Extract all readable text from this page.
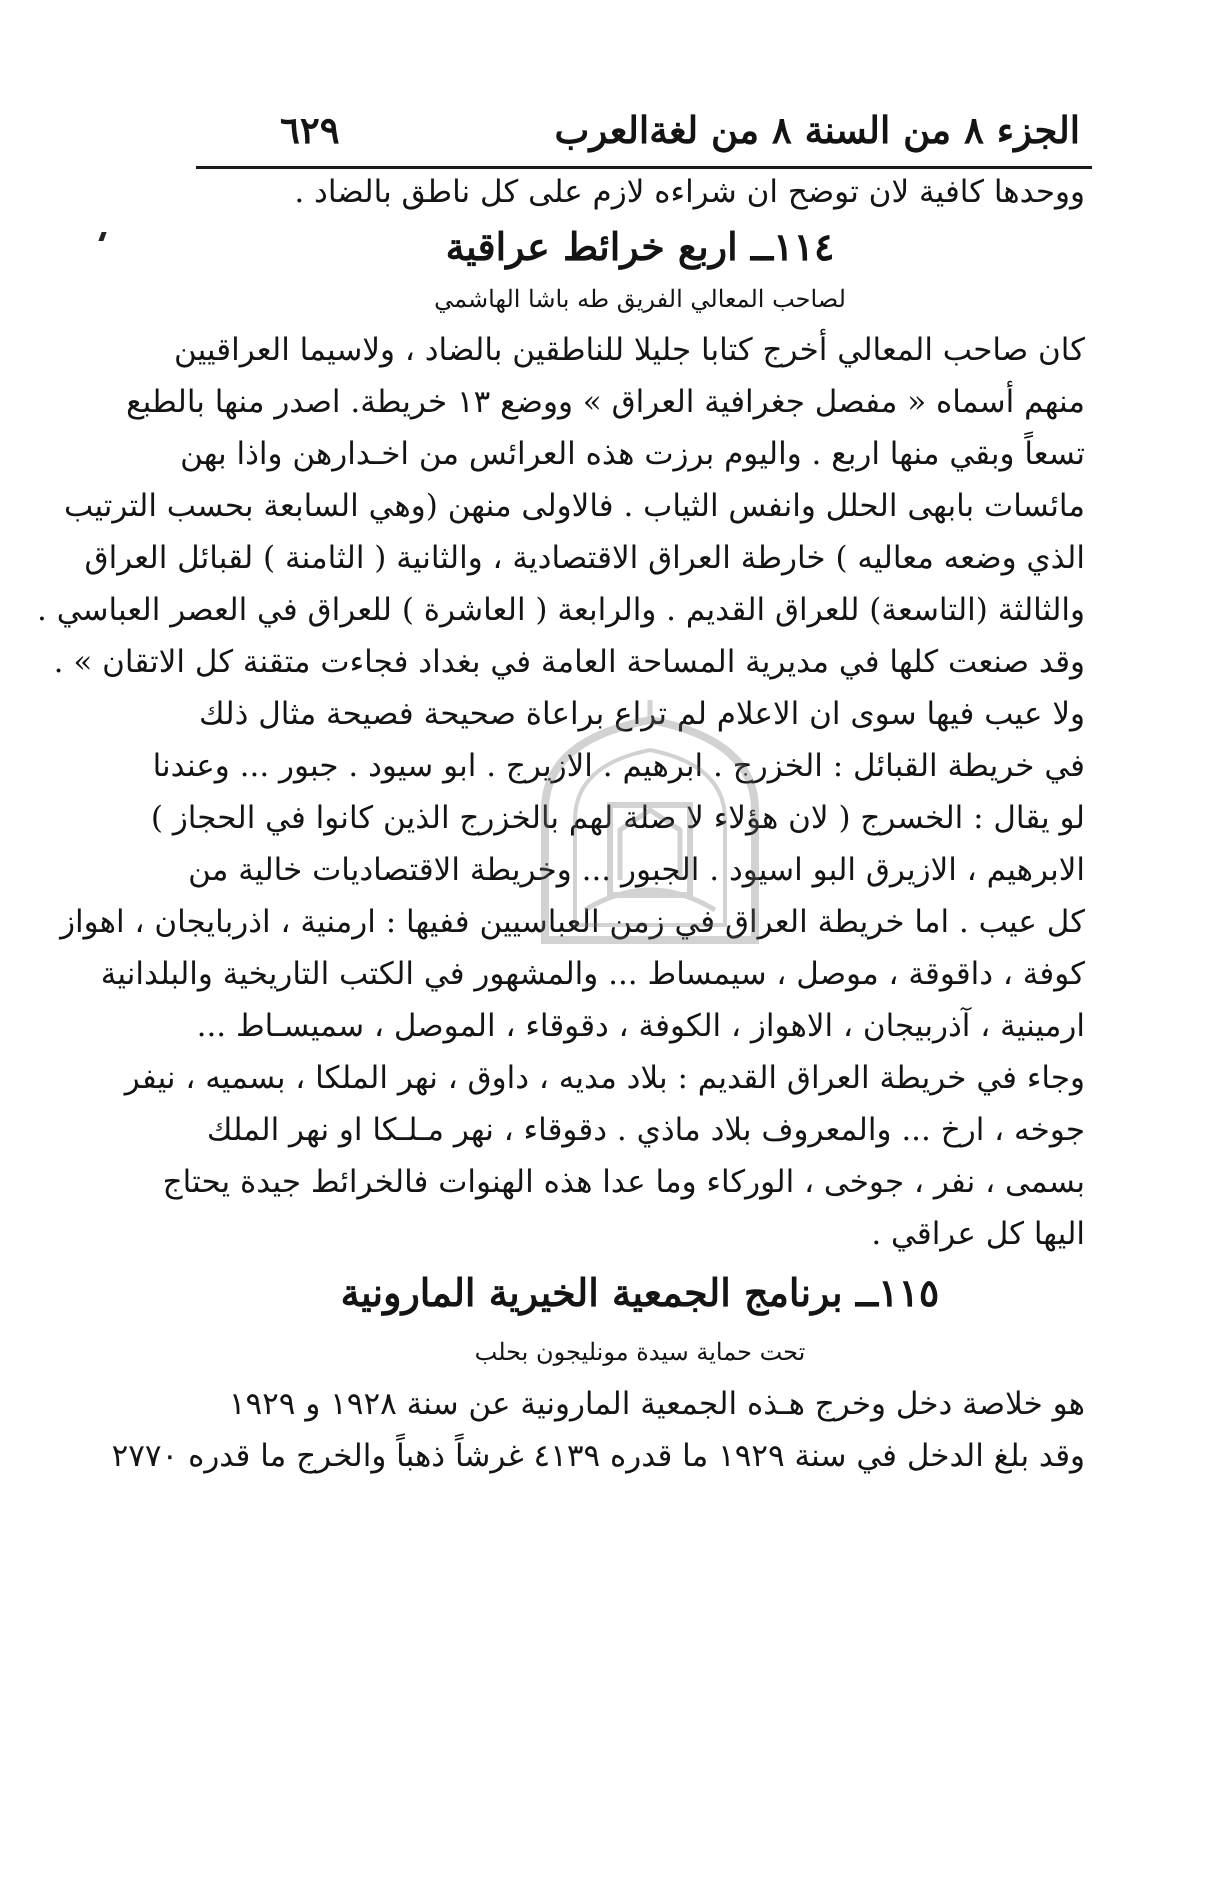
الجزء ٨ من السنة ٨ من لغةالعرب
٦٢٩
ووحدها كافية لان توضح ان شراءه لازم على كل ناطق بالضاد .
١١٤ــ اربع خرائط عراقية
لصاحب المعالي الفريق طه باشا الهاشمي
كان صاحب المعالي أخرج كتابا جليلا للناطقين بالضاد ، ولاسيما العراقيين
منهم أسماه « مفصل جغرافية العراق » ووضع ١٣ خريطة. اصدر منها بالطبع
تسعاً وبقي منها اربع . واليوم برزت هذه العرائس من اخـدارهن واذا بهن
مائسات بابهى الحلل وانفس الثياب . فالاولى منهن (وهي السابعة بحسب الترتيب
الذي وضعه معاليه ) خارطة العراق الاقتصادية ، والثانية ( الثامنة ) لقبائل العراق
والثالثة (التاسعة) للعراق القديم . والرابعة ( العاشرة ) للعراق في العصر العباسي .
وقد صنعت كلها في مديرية المساحة العامة في بغداد فجاءت متقنة كل الاتقان » .
ولا عيب فيها سوى ان الاعلام لم تراع براعاة صحيحة فصيحة مثال ذلك
في خريطة القبائل : الخزرج . ابرهيم . الازيرج . ابو سيود . جبور ... وعندنا
لو يقال : الخسرج ( لان هؤلاء لا صلة لهم بالخزرج الذين كانوا في الحجاز )
الابرهيم ، الازيرق البو اسيود . الجبور ... وخريطة الاقتصاديات خالية من
كل عيب . اما خريطة العراق في زمن العباسيين ففيها : ارمنية ، اذربايجان ، اهواز
كوفة ، داقوقة ، موصل ، سيمساط ... والمشهور في الكتب التاريخية والبلدانية
ارمينية ، آذربيجان ، الاهواز ، الكوفة ، دقوقاء ، الموصل ، سميسـاط ...
وجاء في خريطة العراق القديم : بلاد مديه ، داوق ، نهر الملكا ، بسميه ، نيفر
جوخه ، ارخ ... والمعروف بلاد ماذي . دقوقاء ، نهر مـلـكا او نهر الملك
بسمى ، نفر ، جوخى ، الوركاء وما عدا هذه الهنوات فالخرائط جيدة يحتاج
اليها كل عراقي .
١١٥ــ برنامج الجمعية الخيرية المارونية
تحت حماية سيدة مونليجون بحلب
هو خلاصة دخل وخرج هـذه الجمعية المارونية عن سنة ١٩٢٨ و ١٩٢٩
وقد بلغ الدخل في سنة ١٩٢٩ ما قدره ٤١٣٩ غرشاً ذهباً والخرج ما قدره ٢٧٧٠
